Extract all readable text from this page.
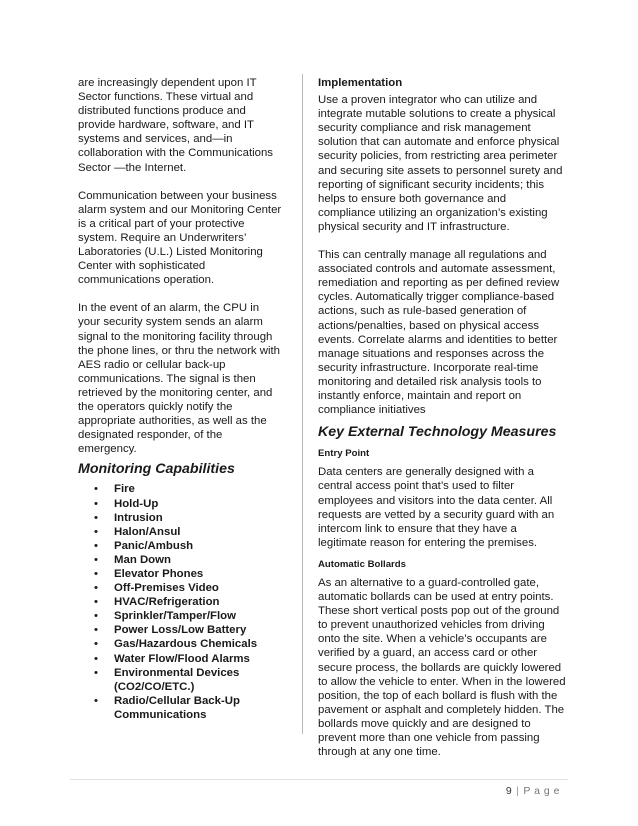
are increasingly dependent upon IT Sector functions. These virtual and distributed functions produce and provide hardware, software, and IT systems and services, and—in collaboration with the Communications Sector —the Internet.

Communication between your business alarm system and our Monitoring Center is a critical part of your protective system. Require an Underwriters’ Laboratories (U.L.) Listed Monitoring Center with sophisticated communications operation.

In the event of an alarm, the CPU in your security system sends an alarm signal to the monitoring facility through the phone lines, or thru the network with AES radio or cellular back-up communications. The signal is then retrieved by the monitoring center, and the operators quickly notify the appropriate authorities, as well as the designated responder, of the emergency.

Monitoring Capabilities
• Fire
• Hold-Up
• Intrusion
• Halon/Ansul
• Panic/Ambush
• Man Down
• Elevator Phones
• Off-Premises Video
• HVAC/Refrigeration
• Sprinkler/Tamper/Flow
• Power Loss/Low Battery
• Gas/Hazardous Chemicals
• Water Flow/Flood Alarms
• Environmental Devices (CO2/CO/ETC.)
• Radio/Cellular Back-Up Communications
Implementation

Use a proven integrator who can utilize and integrate mutable solutions to create a physical security compliance and risk management solution that can automate and enforce physical security policies, from restricting area perimeter and securing site assets to personnel surety and reporting of significant security incidents; this helps to ensure both governance and compliance utilizing an organization’s existing physical security and IT infrastructure.

This can centrally manage all regulations and associated controls and automate assessment, remediation and reporting as per defined review cycles. Automatically trigger compliance-based actions, such as rule-based generation of actions/penalties, based on physical access events. Correlate alarms and identities to better manage situations and responses across the security infrastructure. Incorporate real-time monitoring and detailed risk analysis tools to instantly enforce, maintain and report on compliance initiatives

Key External Technology Measures
Entry Point

Data centers are generally designed with a central access point that’s used to filter employees and visitors into the data center. All requests are vetted by a security guard with an intercom link to ensure that they have a legitimate reason for entering the premises.

Automatic Bollards

As an alternative to a guard-controlled gate, automatic bollards can be used at entry points. These short vertical posts pop out of the ground to prevent unauthorized vehicles from driving onto the site. When a vehicle’s occupants are verified by a guard, an access card or other secure process, the bollards are quickly lowered to allow the vehicle to enter. When in the lowered position, the top of each bollard is flush with the pavement or asphalt and completely hidden. The bollards move quickly and are designed to prevent more than one vehicle from passing through at any one time.

9 | P a g e
